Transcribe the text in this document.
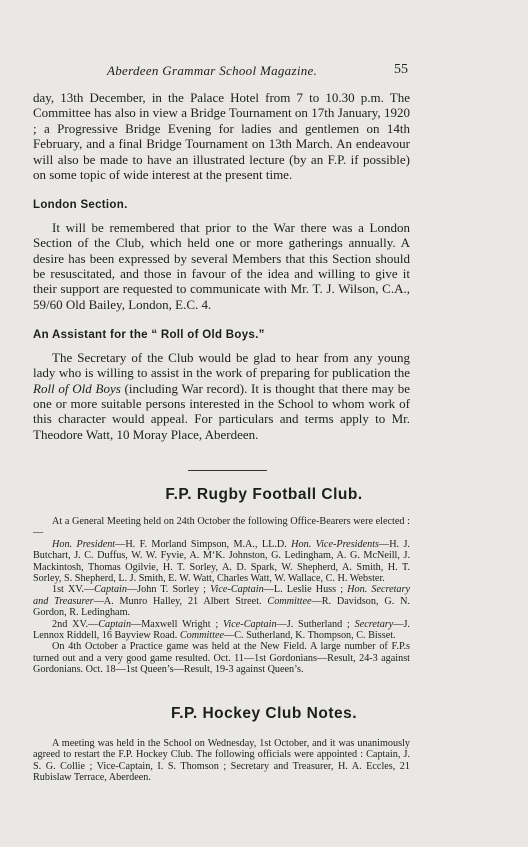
Aberdeen Grammar School Magazine.	55

day, 13th December, in the Palace Hotel from 7 to 10.30 p.m. The Committee has also in view a Bridge Tournament on 17th January, 1920 ; a Progressive Bridge Evening for ladies and gentlemen on 14th February, and a final Bridge Tournament on 13th March. An endeavour will also be made to have an illustrated lecture (by an F.P. if possible) on some topic of wide interest at the present time.

London Section.

It will be remembered that prior to the War there was a London Section of the Club, which held one or more gatherings annually. A desire has been expressed by several Members that this Section should be resuscitated, and those in favour of the idea and willing to give it their support are requested to communicate with Mr. T. J. Wilson, C.A., 59/60 Old Bailey, London, E.C. 4.

An Assistant for the “ Roll of Old Boys.”

The Secretary of the Club would be glad to hear from any young lady who is willing to assist in the work of preparing for publication the Roll of Old Boys (including War record). It is thought that there may be one or more suitable persons interested in the School to whom work of this character would appeal. For particulars and terms apply to Mr. Theodore Watt, 10 Moray Place, Aberdeen.

F.P. Rugby Football Club.

At a General Meeting held on 24th October the following Office-Bearers were elected :—

Hon. President—H. F. Morland Simpson, M.A., LL.D. Hon. Vice-Presidents—H. J. Butchart, J. C. Duffus, W. W. Fyvie, A. M‘K. Johnston, G. Ledingham, A. G. McNeill, J. Mackintosh, Thomas Ogilvie, H. T. Sorley, A. D. Spark, W. Shepherd, A. Smith, H. T. Sorley, S. Shepherd, L. J. Smith, E. W. Watt, Charles Watt, W. Wallace, C. H. Webster.

1st XV.—Captain—John T. Sorley ; Vice-Captain—L. Leslie Huss ; Hon. Secretary and Treasurer—A. Munro Halley, 21 Albert Street. Committee—R. Davidson, G. N. Gordon, R. Ledingham.

2nd XV.—Captain—Maxwell Wright ; Vice-Captain—J. Sutherland ; Secretary—J. Lennox Riddell, 16 Bayview Road. Committee—C. Sutherland, K. Thompson, C. Bisset.

On 4th October a Practice game was held at the New Field. A large number of F.P.s turned out and a very good game resulted. Oct. 11—1st Gordonians—Result, 24-3 against Gordonians. Oct. 18—1st Queen’s—Result, 19-3 against Queen’s.

F.P. Hockey Club Notes.

A meeting was held in the School on Wednesday, 1st October, and it was unanimously agreed to restart the F.P. Hockey Club. The following officials were appointed : Captain, J. S. G. Collie ; Vice-Captain, I. S. Thomson ; Secretary and Treasurer, H. A. Eccles, 21 Rubislaw Terrace, Aberdeen.
